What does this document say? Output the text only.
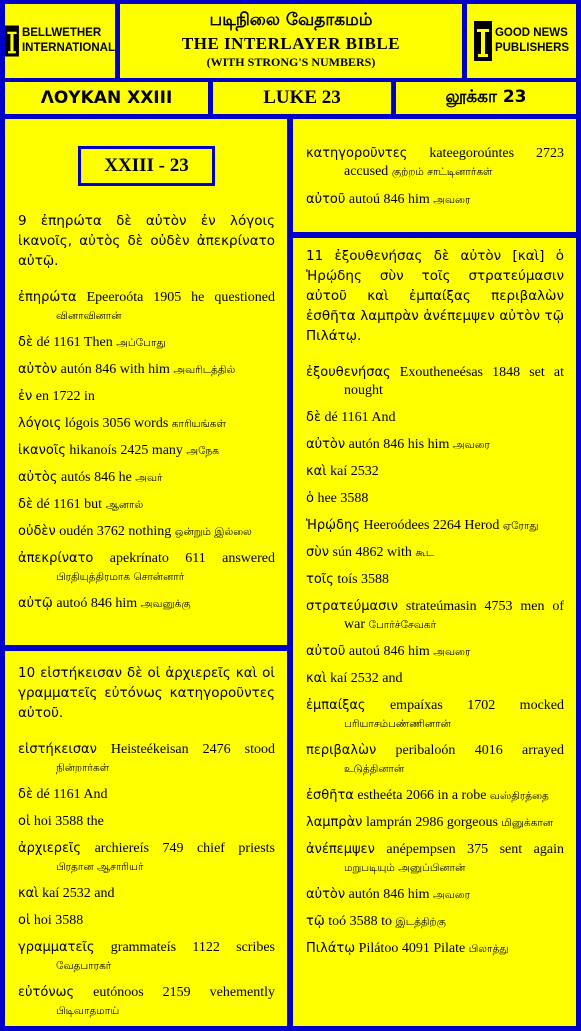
BELLWETHER
INTERNATIONAL
படிநிலை வேதாகமம்
THE INTERLAYER BIBLE
(WITH STRONG'S NUMBERS)
GOOD NEWS
PUBLISHERS
ΛΟΥΚΑΝ XXIII	LUKE 23	லூக்கா 23
XXIII - 23

9 ἐπηρώτα δὲ αὐτὸν ἐν λόγοις ἱκανοῖς, αὐτὸς δὲ οὐδὲν ἀπεκρίνατο αὐτῷ.

ἐπηρώτα Epeeroóta 1905 he questioned வினாவினான்

δὲ dé 1161 Then அப்போது

αὐτὸν autón 846 with him அவரிடத்தில்

ἐν en 1722 in

λόγοις lógois 3056 words காரியங்கள்

ἱκανοῖς hikanoís 2425 many அநேக

αὐτὸς autós 846 he அவர்

δὲ dé 1161 but ஆனால்

οὐδὲν oudén 3762 nothing ஒன்றும் இல்லை

ἀπεκρίνατο apekrínato 611 answered பிரதியுத்திரமாக சொன்னார்

αὐτῷ autoó 846 him அவனுக்கு

10 εἱστήκεισαν δὲ οἱ ἀρχιερεῖς καὶ οἱ γραμματεῖς εὐτόνως κατηγοροῦντες αὐτοῦ.

εἱστήκεισαν Heisteékeisan 2476 stood நின்றார்கள்

δὲ dé 1161 And

οἱ hoi 3588 the

ἀρχιερεῖς archiereís 749 chief priests பிரதான ஆசாரியர்

καὶ kaí 2532 and

οἱ hoi 3588

γραμματεῖς grammateís 1122 scribes வேதபாரகர்

εὐτόνως eutónoos 2159 vehemently பிடிவாதமாய்

κατηγοροῦντες kateegoroúntes 2723 accused குற்றம் சாட்டினார்கள்

αὐτοῦ autoú 846 him அவரை

11 ἐξουθενήσας δὲ αὐτὸν [καὶ] ὁ Ἡρῴδης σὺν τοῖς στρατεύμασιν αὐτοῦ καὶ ἐμπαίξας περιβαλὼν ἐσθῆτα λαμπρὰν ἀνέπεμψεν αὐτὸν τῷ Πιλάτῳ.

ἐξουθενήσας Exoutheneésas 1848 set at nought

δὲ dé 1161 And

αὐτὸν autón 846 his him அவரை

καὶ kaí 2532

ὁ hee 3588

Ἡρῴδης Heeroódees 2264 Herod ஏரோது

σὺν sún 4862 with கூட

τοῖς toís 3588

στρατεύμασιν strateúmasin 4753 men of war போர்ச்சேவகர்

αὐτοῦ autoú 846 him அவரை

καὶ kaí 2532 and

ἐμπαίξας empaíxas 1702 mocked பரியாசம்பண்ணினான்

περιβαλὼν peribaloón 4016 arrayed உடுத்தினான்

ἐσθῆτα estheéta 2066 in a robe வஸ்திரத்தை

λαμπρὰν lamprán 2986 gorgeous மினுக்கான

ἀνέπεμψεν anépempsen 375 sent again மறுபடியும் அனுப்பினான்

αὐτὸν autón 846 him அவரை

τῷ toó 3588 to இடத்திற்கு

Πιλάτῳ Pilátoo 4091 Pilate பிலாத்து
